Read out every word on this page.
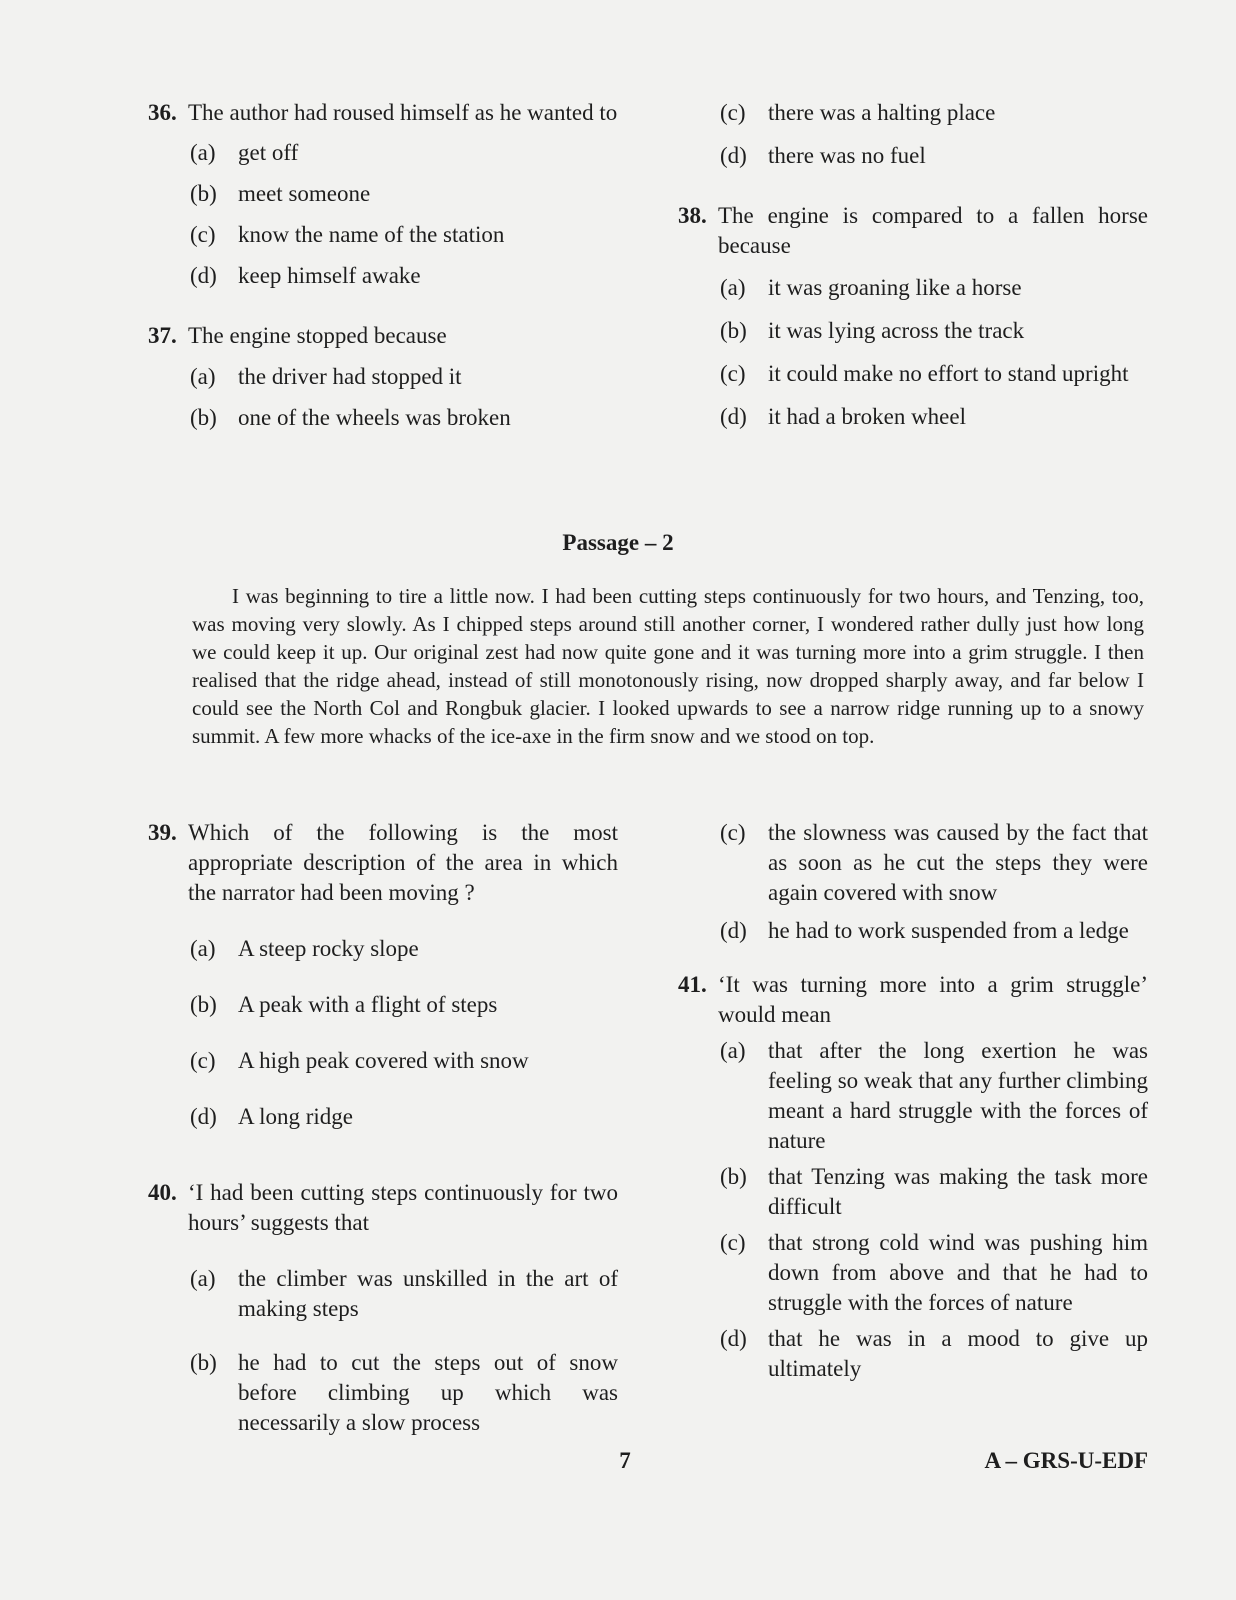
36. The author had roused himself as he wanted to
(a) get off
(b) meet someone
(c) know the name of the station
(d) keep himself awake
37. The engine stopped because
(a) the driver had stopped it
(b) one of the wheels was broken
(c) there was a halting place
(d) there was no fuel
38. The engine is compared to a fallen horse because
(a) it was groaning like a horse
(b) it was lying across the track
(c) it could make no effort to stand upright
(d) it had a broken wheel
Passage – 2
I was beginning to tire a little now. I had been cutting steps continuously for two hours, and Tenzing, too, was moving very slowly. As I chipped steps around still another corner, I wondered rather dully just how long we could keep it up. Our original zest had now quite gone and it was turning more into a grim struggle. I then realised that the ridge ahead, instead of still monotonously rising, now dropped sharply away, and far below I could see the North Col and Rongbuk glacier. I looked upwards to see a narrow ridge running up to a snowy summit. A few more whacks of the ice-axe in the firm snow and we stood on top.
39. Which of the following is the most appropriate description of the area in which the narrator had been moving ?
(a) A steep rocky slope
(b) A peak with a flight of steps
(c) A high peak covered with snow
(d) A long ridge
40. ‘I had been cutting steps continuously for two hours’ suggests that
(a) the climber was unskilled in the art of making steps
(b) he had to cut the steps out of snow before climbing up which was necessarily a slow process
(c) the slowness was caused by the fact that as soon as he cut the steps they were again covered with snow
(d) he had to work suspended from a ledge
41. ‘It was turning more into a grim struggle’ would mean
(a) that after the long exertion he was feeling so weak that any further climbing meant a hard struggle with the forces of nature
(b) that Tenzing was making the task more difficult
(c) that strong cold wind was pushing him down from above and that he had to struggle with the forces of nature
(d) that he was in a mood to give up ultimately
7	A – GRS-U-EDF
